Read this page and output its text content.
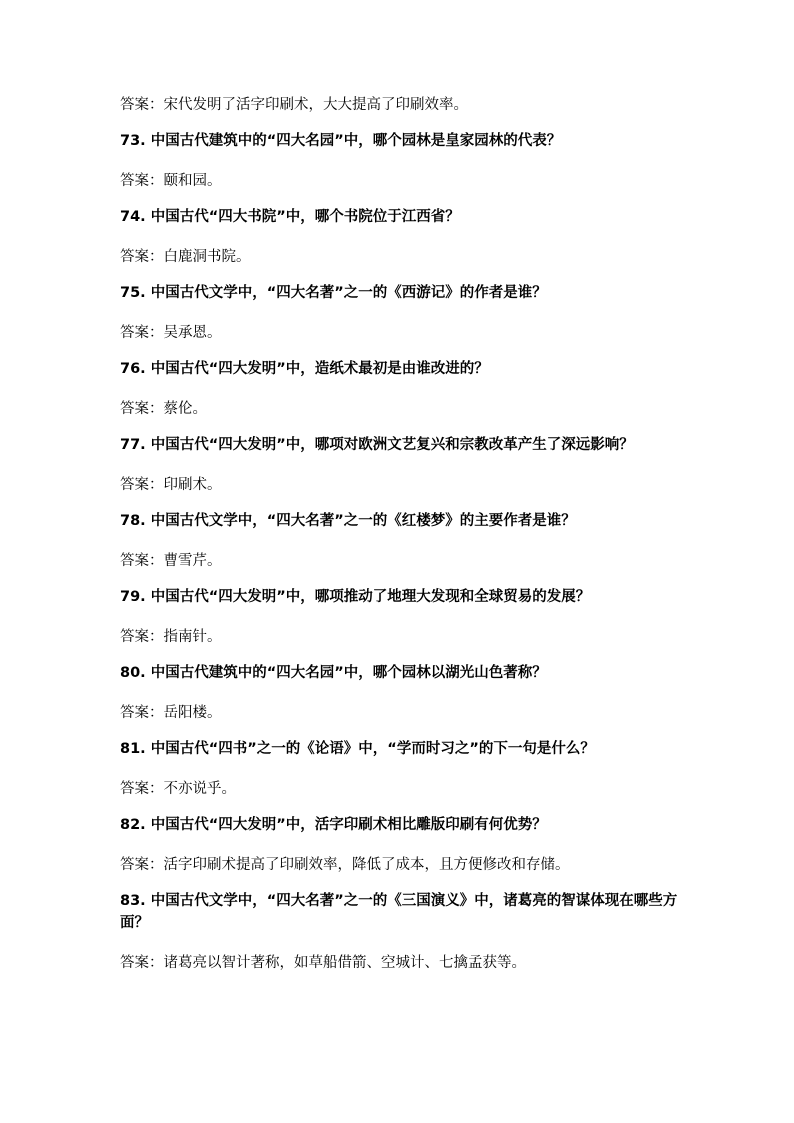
答案：宋代发明了活字印刷术，大大提高了印刷效率。

73. 中国古代建筑中的“四大名园”中，哪个园林是皇家园林的代表？

答案：颐和园。

74. 中国古代“四大书院”中，哪个书院位于江西省？

答案：白鹿洞书院。

75. 中国古代文学中，“四大名著”之一的《西游记》的作者是谁？

答案：吴承恩。

76. 中国古代“四大发明”中，造纸术最初是由谁改进的？

答案：蔡伦。

77. 中国古代“四大发明”中，哪项对欧洲文艺复兴和宗教改革产生了深远影响？

答案：印刷术。

78. 中国古代文学中，“四大名著”之一的《红楼梦》的主要作者是谁？

答案：曹雪芹。

79. 中国古代“四大发明”中，哪项推动了地理大发现和全球贸易的发展？

答案：指南针。

80. 中国古代建筑中的“四大名园”中，哪个园林以湖光山色著称？

答案：岳阳楼。

81. 中国古代“四书”之一的《论语》中，“学而时习之”的下一句是什么？

答案：不亦说乎。

82. 中国古代“四大发明”中，活字印刷术相比雕版印刷有何优势？

答案：活字印刷术提高了印刷效率，降低了成本，且方便修改和存储。

83. 中国古代文学中，“四大名著”之一的《三国演义》中，诸葛亮的智谋体现在哪些方面？

答案：诸葛亮以智计著称，如草船借箭、空城计、七擒孟获等。
